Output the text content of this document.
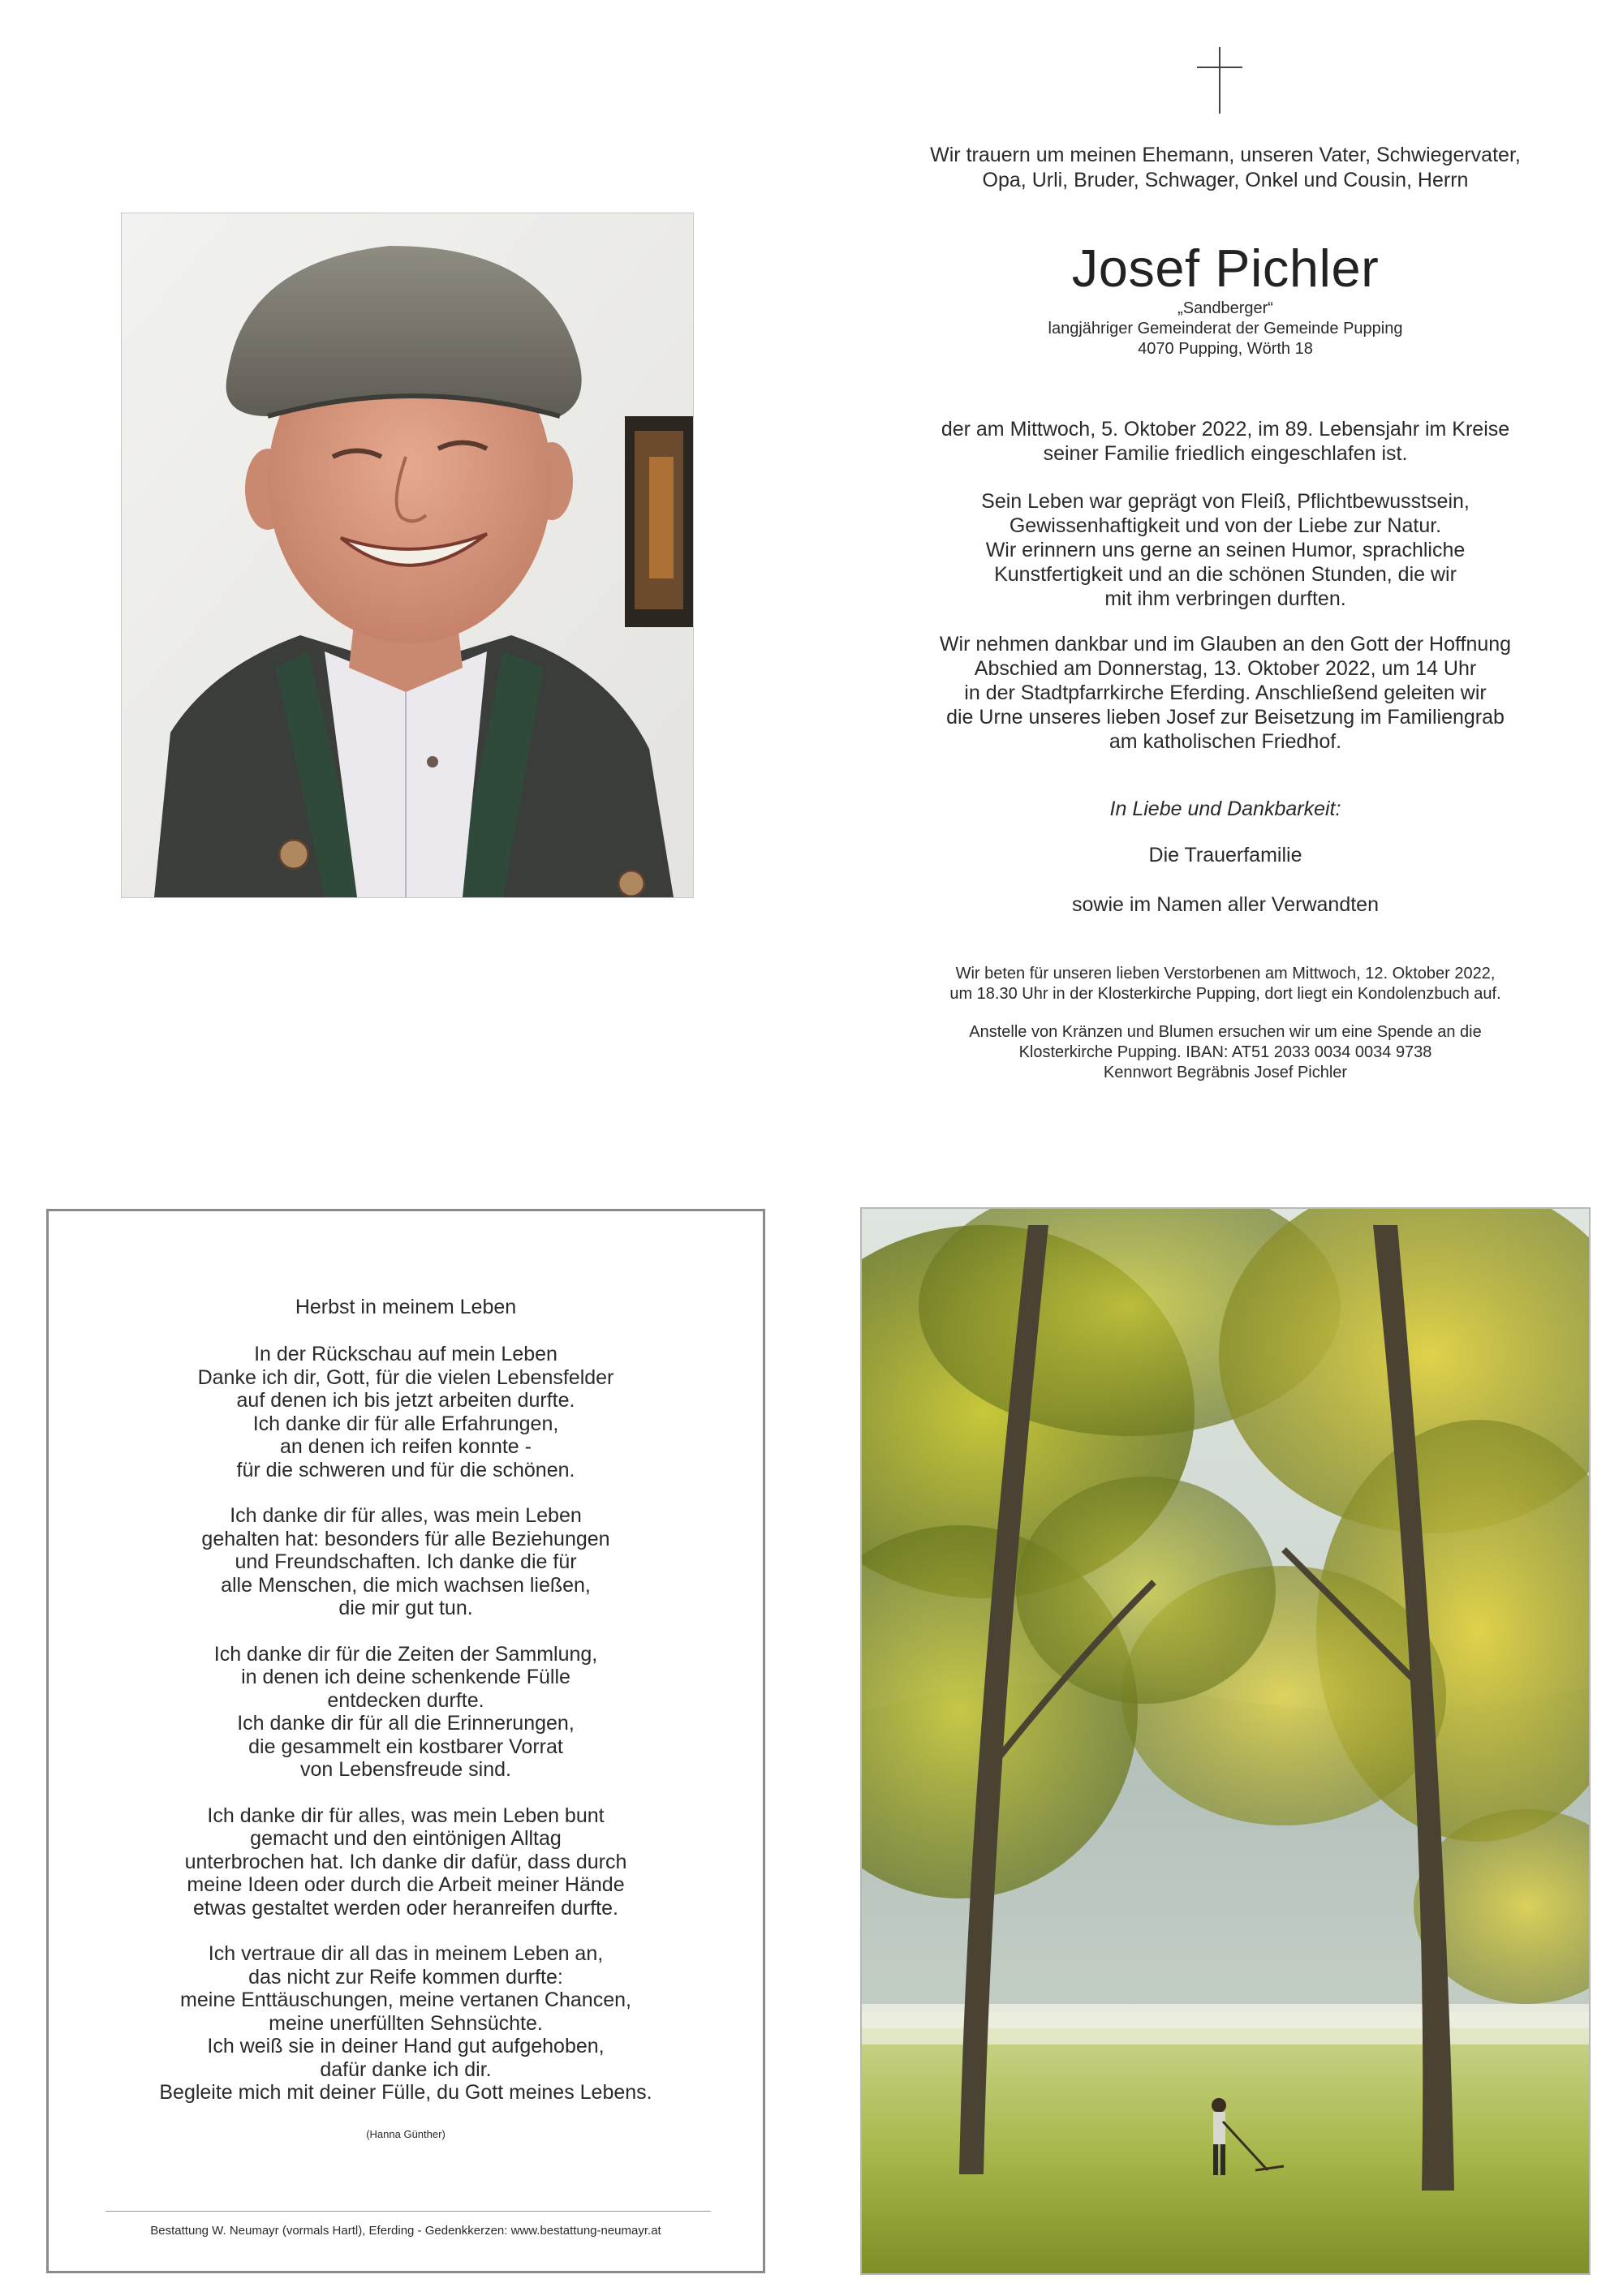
Wir trauern um meinen Ehemann, unseren Vater, Schwiegervater,
Opa, Urli, Bruder, Schwager, Onkel und Cousin, Herrn
Josef Pichler
„Sandberger“
langjähriger Gemeinderat der Gemeinde Pupping
4070 Pupping, Wörth 18
der am Mittwoch, 5. Oktober 2022, im 89. Lebensjahr im Kreise
seiner Familie friedlich eingeschlafen ist.
Sein Leben war geprägt von Fleiß, Pflichtbewusstsein,
Gewissenhaftigkeit und von der Liebe zur Natur.
Wir erinnern uns gerne an seinen Humor, sprachliche
Kunstfertigkeit und an die schönen Stunden, die wir
mit ihm verbringen durften.
Wir nehmen dankbar und im Glauben an den Gott der Hoffnung
Abschied am Donnerstag, 13. Oktober 2022, um 14 Uhr
in der Stadtpfarrkirche Eferding. Anschließend geleiten wir
die Urne unseres lieben Josef zur Beisetzung im Familiengrab
am katholischen Friedhof.
In Liebe und Dankbarkeit:
Die Trauerfamilie
sowie im Namen aller Verwandten
Wir beten für unseren lieben Verstorbenen am Mittwoch, 12. Oktober 2022,
um 18.30 Uhr in der Klosterkirche Pupping, dort liegt ein Kondolenzbuch auf.
Anstelle von Kränzen und Blumen ersuchen wir um eine Spende an die
Klosterkirche Pupping. IBAN: AT51 2033 0034 0034 9738
Kennwort Begräbnis Josef Pichler
Herbst in meinem Leben
In der Rückschau auf mein Leben
Danke ich dir, Gott, für die vielen Lebensfelder
auf denen ich bis jetzt arbeiten durfte.
Ich danke dir für alle Erfahrungen,
an denen ich reifen konnte -
für die schweren und für die schönen.
Ich danke dir für alles, was mein Leben
gehalten hat: besonders für alle Beziehungen
und Freundschaften. Ich danke die für
alle Menschen, die mich wachsen ließen,
die mir gut tun.
Ich danke dir für die Zeiten der Sammlung,
in denen ich deine schenkende Fülle
entdecken durfte.
Ich danke dir für all die Erinnerungen,
die gesammelt ein kostbarer Vorrat
von Lebensfreude sind.
Ich danke dir für alles, was mein Leben bunt
gemacht und den eintönigen Alltag
unterbrochen hat. Ich danke dir dafür, dass durch
meine Ideen oder durch die Arbeit meiner Hände
etwas gestaltet werden oder heranreifen durfte.
Ich vertraue dir all das in meinem Leben an,
das nicht zur Reife kommen durfte:
meine Enttäuschungen, meine vertanen Chancen,
meine unerfüllten Sehnsüchte.
Ich weiß sie in deiner Hand gut aufgehoben,
dafür danke ich dir.
Begleite mich mit deiner Fülle, du Gott meines Lebens.
(Hanna Günther)
Bestattung W. Neumayr (vormals Hartl), Eferding - Gedenkkerzen: www.bestattung-neumayr.at
